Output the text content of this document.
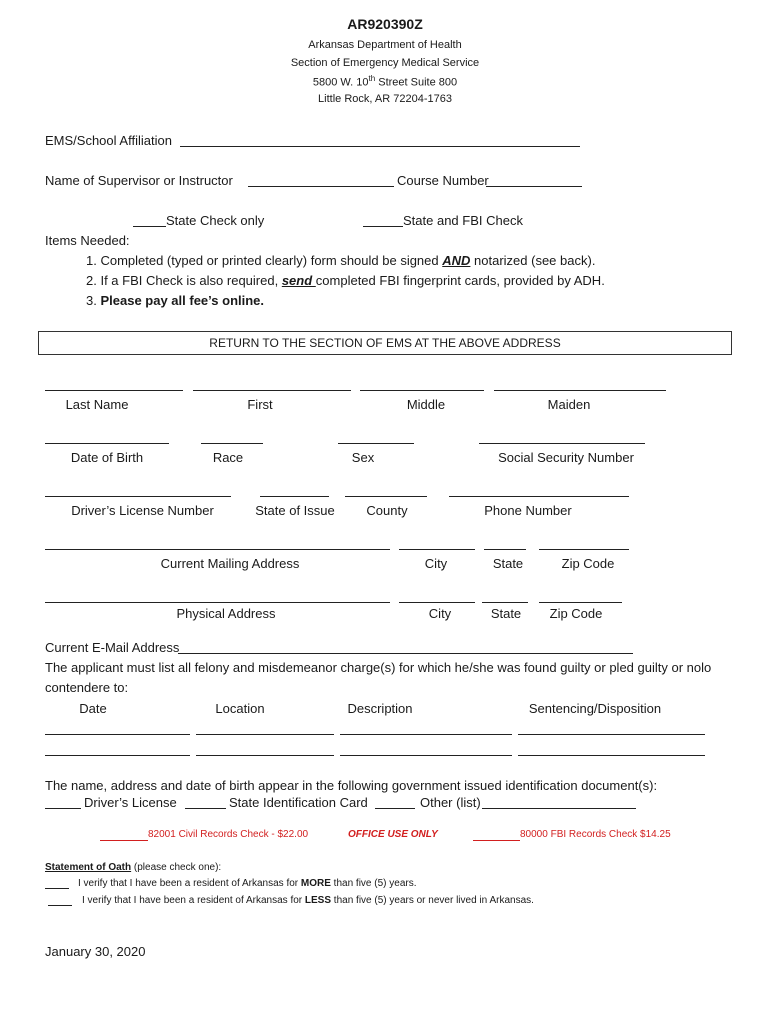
AR920390Z
Arkansas Department of Health
Section of Emergency Medical Service
5800 W. 10th Street Suite 800
Little Rock, AR 72204-1763
EMS/School Affiliation
Name of Supervisor or Instructor	Course Number
State Check only	State and FBI Check
Items Needed:
1. Completed (typed or printed clearly) form should be signed AND notarized (see back).
2. If a FBI Check is also required, send completed FBI fingerprint cards, provided by ADH.
3. Please pay all fee’s online.
RETURN TO THE SECTION OF EMS AT THE ABOVE ADDRESS
Last Name	First	Middle	Maiden
Date of Birth	Race	Sex	Social Security Number
Driver’s License Number	State of Issue	County	Phone Number
Current Mailing Address	City	State	Zip Code
Physical Address	City	State	Zip Code
Current E-Mail Address
The applicant must list all felony and misdemeanor charge(s) for which he/she was found guilty or pled guilty or nolo
contendere to:
Date	Location	Description	Sentencing/Disposition
The name, address and date of birth appear in the following government issued identification document(s):
Driver’s License	State Identification Card	Other (list)
82001 Civil Records Check - $22.00	OFFICE USE ONLY	80000 FBI Records Check $14.25
Statement of Oath (please check one):
I verify that I have been a resident of Arkansas for MORE than five (5) years.
I verify that I have been a resident of Arkansas for LESS than five (5) years or never lived in Arkansas.
January 30, 2020
